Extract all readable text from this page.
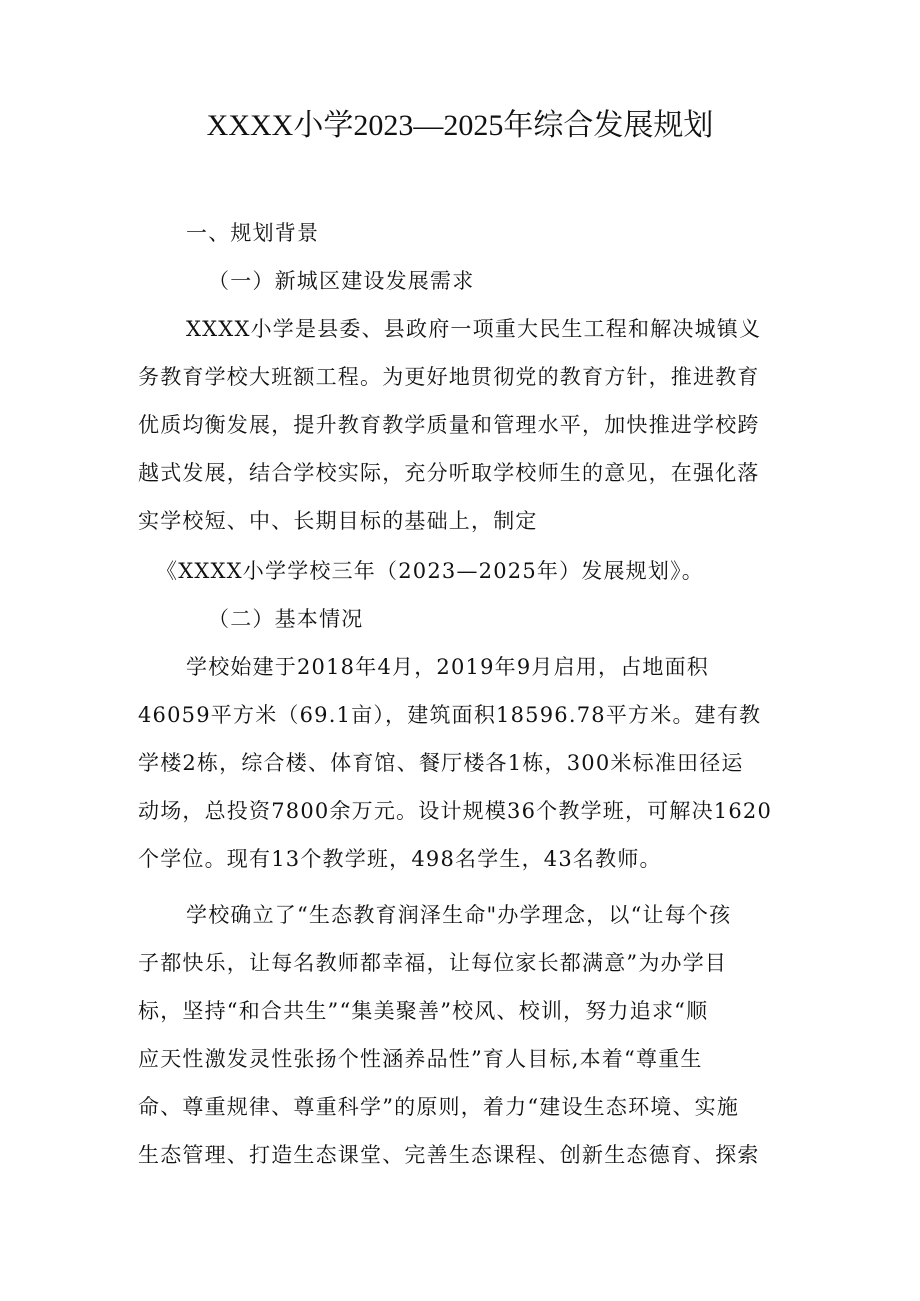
XXXX小学2023—2025年综合发展规划
一、规划背景
（一）新城区建设发展需求
XXXX小学是县委、县政府一项重大民生工程和解决城镇义
务教育学校大班额工程。为更好地贯彻党的教育方针，推进教育
优质均衡发展，提升教育教学质量和管理水平，加快推进学校跨
越式发展，结合学校实际，充分听取学校师生的意见，在强化落
实学校短、中、长期目标的基础上，制定
《XXXX小学学校三年（2023—2025年）发展规划》。
（二）基本情况
学校始建于2018年4月，2019年9月启用，占地面积
46059平方米（69.1亩），建筑面积18596.78平方米。建有教
学楼2栋，综合楼、体育馆、餐厅楼各1栋，300米标准田径运
动场，总投资7800余万元。设计规模36个教学班，可解决1620
个学位。现有13个教学班，498名学生，43名教师。
学校确立了“生态教育润泽生命"办学理念，以“让每个孩
子都快乐，让每名教师都幸福，让每位家长都满意”为办学目
标，坚持“和合共生”“集美聚善”校风、校训，努力追求“顺
应天性激发灵性张扬个性涵养品性”育人目标,本着“尊重生
命、尊重规律、尊重科学”的原则，着力“建设生态环境、实施
生态管理、打造生态课堂、完善生态课程、创新生态德育、探索
